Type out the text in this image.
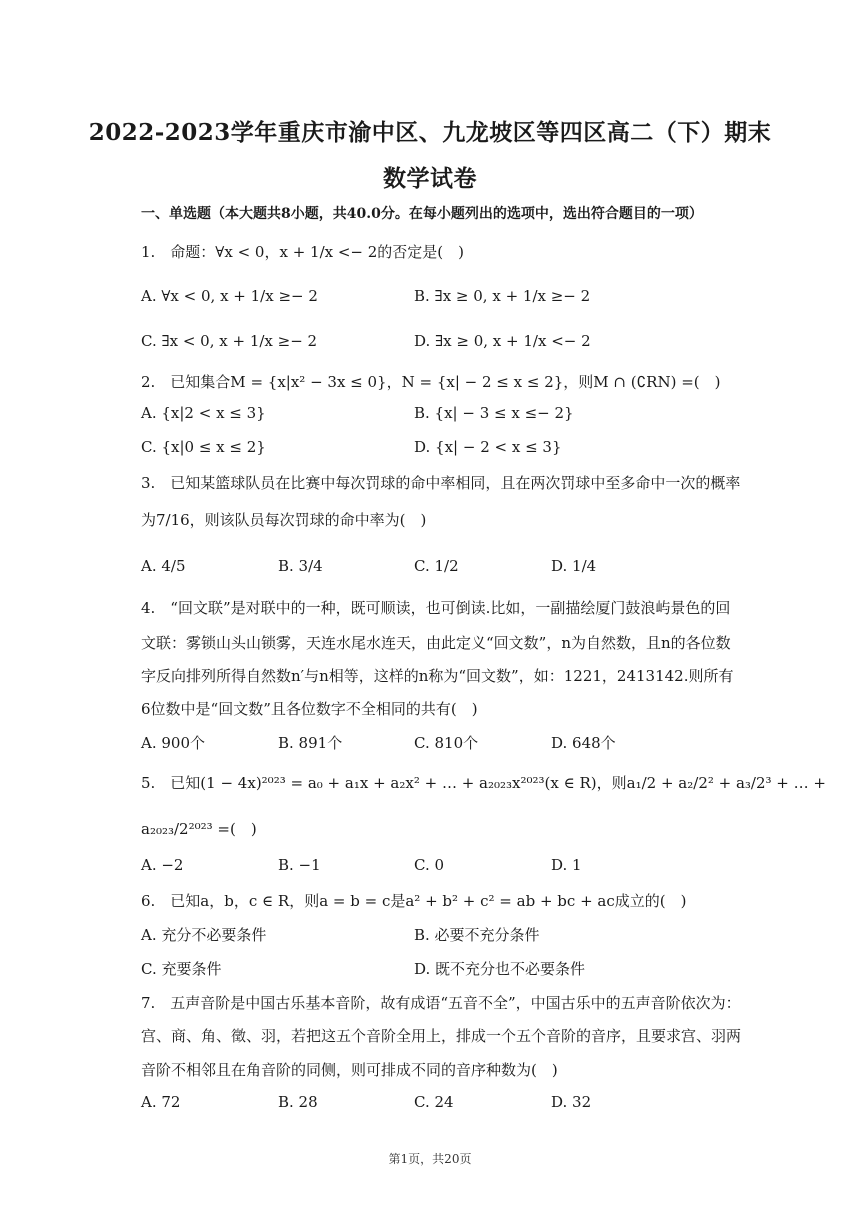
2022-2023学年重庆市渝中区、九龙坡区等四区高二（下）期末
数学试卷
一、单选题（本大题共8小题，共40.0分。在每小题列出的选项中，选出符合题目的一项）
1.　命题：∀x < 0，x + 1/x <− 2的否定是(　)
A. ∀x < 0, x + 1/x ≥− 2	B. ∃x ≥ 0, x + 1/x ≥− 2
C. ∃x < 0, x + 1/x ≥− 2	D. ∃x ≥ 0, x + 1/x <− 2
2.　已知集合M = {x|x² − 3x ≤ 0}，N = {x| − 2 ≤ x ≤ 2}，则M ∩ (∁RN) =(　)
A. {x|2 < x ≤ 3}	B. {x| − 3 ≤ x ≤− 2}
C. {x|0 ≤ x ≤ 2}	D. {x| − 2 < x ≤ 3}
3.　已知某篮球队员在比赛中每次罚球的命中率相同，且在两次罚球中至多命中一次的概率
为7/16，则该队员每次罚球的命中率为(　)
A. 4/5	B. 3/4	C. 1/2	D. 1/4
4.　“回文联”是对联中的一种，既可顺读，也可倒读.比如，一副描绘厦门鼓浪屿景色的回
文联：雾锁山头山锁雾，天连水尾水连天，由此定义“回文数”，n为自然数，且n的各位数
字反向排列所得自然数n′与n相等，这样的n称为“回文数”，如：1221，2413142.则所有
6位数中是“回文数”且各位数字不全相同的共有(　)
A. 900个	B. 891个	C. 810个	D. 648个
5.　已知(1 − 4x)²⁰²³ = a₀ + a₁x + a₂x² + … + a₂₀₂₃x²⁰²³(x ∈ R)，则a₁/2 + a₂/2² + a₃/2³ + … +
a₂₀₂₃/2²⁰²³ =(　)
A. −2	B. −1	C. 0	D. 1
6.　已知a，b，c ∈ R，则a = b = c是a² + b² + c² = ab + bc + ac成立的(　)
A. 充分不必要条件	B. 必要不充分条件
C. 充要条件	D. 既不充分也不必要条件
7.　五声音阶是中国古乐基本音阶，故有成语“五音不全”，中国古乐中的五声音阶依次为：
宫、商、角、徵、羽，若把这五个音阶全用上，排成一个五个音阶的音序，且要求宫、羽两
音阶不相邻且在角音阶的同侧，则可排成不同的音序种数为(　)
A. 72	B. 28	C. 24	D. 32
第1页，共20页
